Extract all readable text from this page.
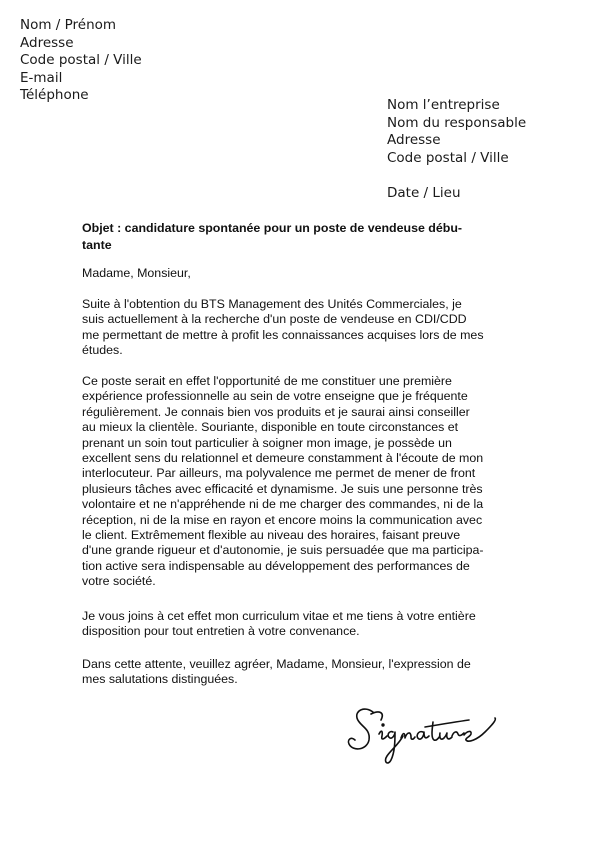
Nom / Prénom
Adresse
Code postal / Ville
E-mail
Téléphone
Nom l’entreprise
Nom du responsable
Adresse
Code postal / Ville
Date / Lieu
Objet : candidature spontanée pour un poste de vendeuse débu-
tante
Madame, Monsieur,
Suite à l'obtention du BTS Management des Unités Commerciales, je
suis actuellement à la recherche d'un poste de vendeuse en CDI/CDD
me permettant de mettre à profit les connaissances acquises lors de mes
études.
Ce poste serait en effet l'opportunité de me constituer une première
expérience professionnelle au sein de votre enseigne que je fréquente
régulièrement. Je connais bien vos produits et je saurai ainsi conseiller
au mieux la clientèle. Souriante, disponible en toute circonstances et
prenant un soin tout particulier à soigner mon image, je possède un
excellent sens du relationnel et demeure constamment à l'écoute de mon
interlocuteur. Par ailleurs, ma polyvalence me permet de mener de front
plusieurs tâches avec efficacité et dynamisme. Je suis une personne très
volontaire et ne n'appréhende ni de me charger des commandes, ni de la
réception, ni de la mise en rayon et encore moins la communication avec
le client. Extrêmement flexible au niveau des horaires, faisant preuve
d'une grande rigueur et d'autonomie, je suis persuadée que ma participa-
tion active sera indispensable au développement des performances de
votre société.
Je vous joins à cet effet mon curriculum vitae et me tiens à votre entière
disposition pour tout entretien à votre convenance.
Dans cette attente, veuillez agréer, Madame, Monsieur, l'expression de
mes salutations distinguées.
